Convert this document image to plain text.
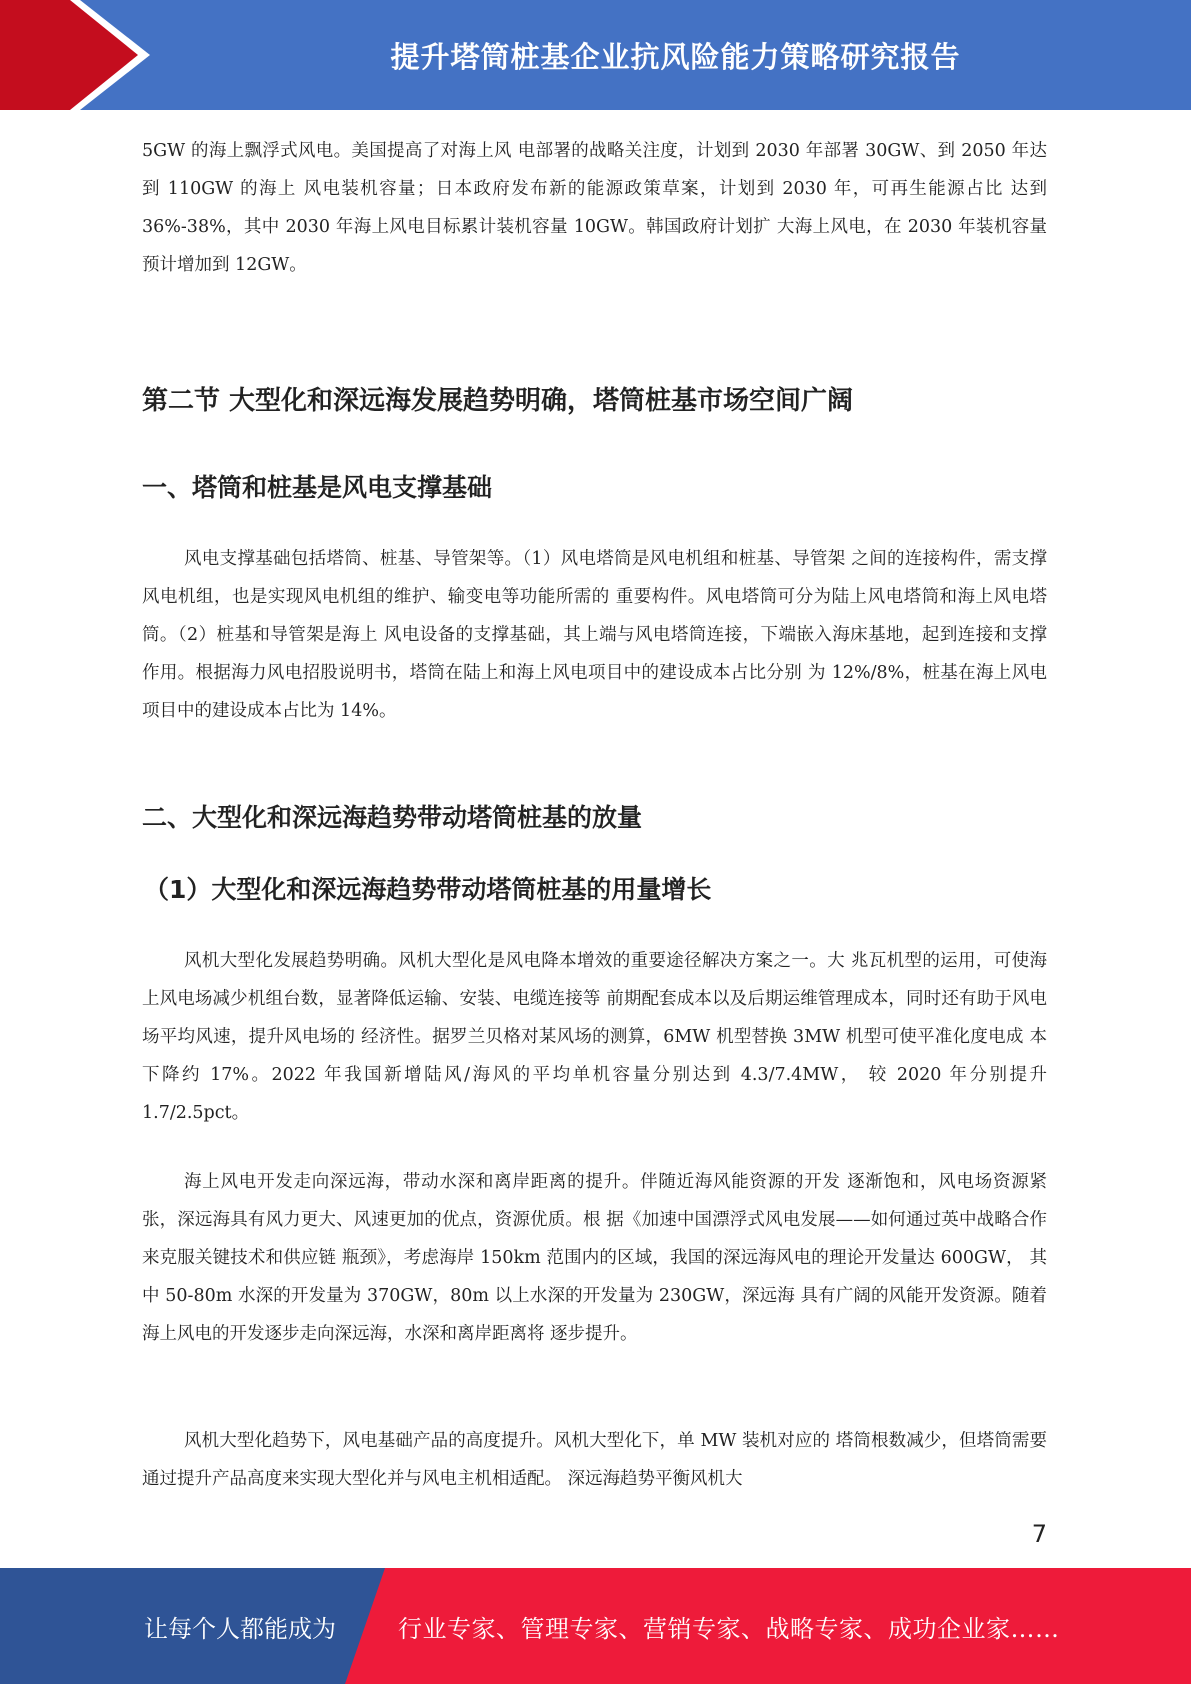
提升塔筒桩基企业抗风险能力策略研究报告

5GW 的海上飘浮式风电。美国提高了对海上风 电部署的战略关注度，计划到 2030 年部署 30GW、到 2050 年达到 110GW 的海上 风电装机容量；日本政府发布新的能源政策草案，计划到 2030 年，可再生能源占比 达到 36%-38%，其中 2030 年海上风电目标累计装机容量 10GW。韩国政府计划扩 大海上风电，在 2030 年装机容量预计增加到 12GW。

第二节 大型化和深远海发展趋势明确，塔筒桩基市场空间广阔
一、塔筒和桩基是风电支撑基础

风电支撑基础包括塔筒、桩基、导管架等。（1）风电塔筒是风电机组和桩基、导管架 之间的连接构件，需支撑风电机组，也是实现风电机组的维护、输变电等功能所需的 重要构件。风电塔筒可分为陆上风电塔筒和海上风电塔筒。（2）桩基和导管架是海上 风电设备的支撑基础，其上端与风电塔筒连接，下端嵌入海床基地，起到连接和支撑 作用。根据海力风电招股说明书，塔筒在陆上和海上风电项目中的建设成本占比分别 为 12%/8%，桩基在海上风电项目中的建设成本占比为 14%。

二、大型化和深远海趋势带动塔筒桩基的放量
（1）大型化和深远海趋势带动塔筒桩基的用量增长

风机大型化发展趋势明确。风机大型化是风电降本增效的重要途径解决方案之一。大 兆瓦机型的运用，可使海上风电场减少机组台数，显著降低运输、安装、电缆连接等 前期配套成本以及后期运维管理成本，同时还有助于风电场平均风速，提升风电场的 经济性。据罗兰贝格对某风场的测算，6MW 机型替换 3MW 机型可使平准化度电成 本下降约 17%。2022 年我国新增陆风/海风的平均单机容量分别达到 4.3/7.4MW， 较 2020 年分别提升 1.7/2.5pct。

海上风电开发走向深远海，带动水深和离岸距离的提升。伴随近海风能资源的开发 逐渐饱和，风电场资源紧张，深远海具有风力更大、风速更加的优点，资源优质。根 据《加速中国漂浮式风电发展——如何通过英中战略合作来克服关键技术和供应链 瓶颈》，考虑海岸 150km 范围内的区域，我国的深远海风电的理论开发量达 600GW， 其中 50-80m 水深的开发量为 370GW，80m 以上水深的开发量为 230GW，深远海 具有广阔的风能开发资源。随着海上风电的开发逐步走向深远海，水深和离岸距离将 逐步提升。

风机大型化趋势下，风电基础产品的高度提升。风机大型化下，单 MW 装机对应的 塔筒根数减少，但塔筒需要通过提升产品高度来实现大型化并与风电主机相适配。 深远海趋势平衡风机大

7
让每个人都能成为	行业专家、管理专家、营销专家、战略专家、成功企业家……
